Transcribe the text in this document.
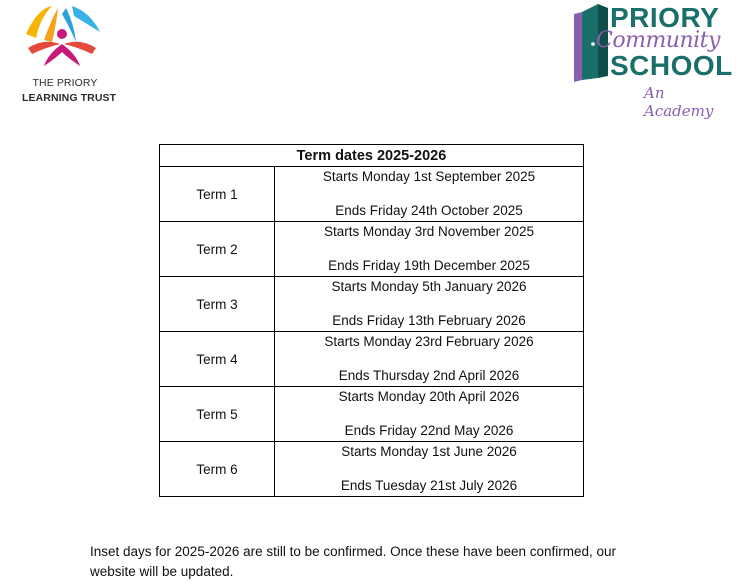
THE PRIORY
LEARNING TRUST
PRIORY
Community
SCHOOL
An Academy
Term dates 2025-2026	
Term 1	Starts Monday 1st September 2025
Ends Friday 24th October 2025

Term 2	Starts Monday 3rd November 2025
Ends Friday 19th December 2025

Term 3	Starts Monday 5th January 2026
Ends Friday 13th February 2026

Term 4	Starts Monday 23rd February 2026
Ends Thursday 2nd April 2026

Term 5	Starts Monday 20th April 2026
Ends Friday 22nd May 2026

Term 6	Starts Monday 1st June 2026
Ends Tuesday 21st July 2026

Inset days for 2025-2026 are still to be confirmed. Once these have been confirmed, our website will be updated.
